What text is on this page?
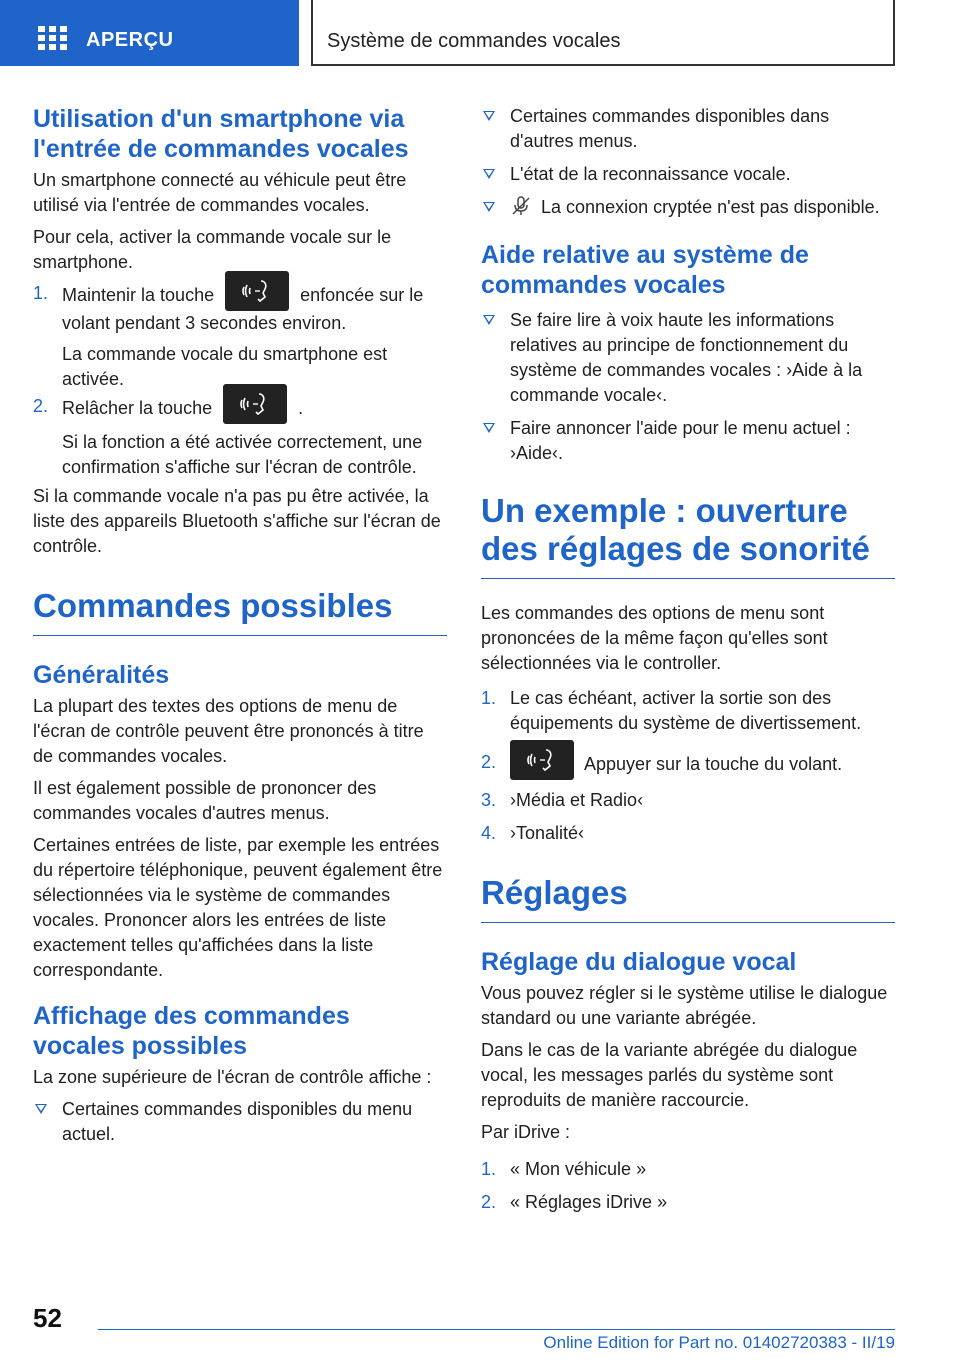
APERÇU	Système de commandes vocales
Utilisation d'un smartphone via l'entrée de commandes vocales

Un smartphone connecté au véhicule peut être utilisé via l'entrée de commandes vocales.

Pour cela, activer la commande vocale sur le smartphone.

1. Maintenir la touche	enfoncée sur le volant pendant 3 secondes environ.

La commande vocale du smartphone est activée.

2. Relâcher la touche	.

Si la fonction a été activée correctement, une confirmation s'affiche sur l'écran de contrôle.

Si la commande vocale n'a pas pu être activée, la liste des appareils Bluetooth s'affiche sur l'écran de contrôle.

Commandes possibles
Généralités

La plupart des textes des options de menu de l'écran de contrôle peuvent être prononcés à titre de commandes vocales.

Il est également possible de prononcer des commandes vocales d'autres menus.

Certaines entrées de liste, par exemple les entrées du répertoire téléphonique, peuvent également être sélectionnées via le système de commandes vocales. Prononcer alors les entrées de liste exactement telles qu'affichées dans la liste correspondante.

Affichage des commandes vocales possibles

La zone supérieure de l'écran de contrôle affiche :

Certaines commandes disponibles du menu actuel.

Certaines commandes disponibles dans d'autres menus.

L'état de la reconnaissance vocale.

La connexion cryptée n'est pas disponible.

Aide relative au système de commandes vocales

Se faire lire à voix haute les informations relatives au principe de fonctionnement du système de commandes vocales : ›Aide à la commande vocale‹.

Faire annoncer l'aide pour le menu actuel : ›Aide‹.

Un exemple : ouverture des réglages de sonorité

Les commandes des options de menu sont prononcées de la même façon qu'elles sont sélectionnées via le controller.

1. Le cas échéant, activer la sortie son des équipements du système de divertissement.

2.	Appuyer sur la touche du volant.

3. ›Média et Radio‹

4. ›Tonalité‹

Réglages
Réglage du dialogue vocal

Vous pouvez régler si le système utilise le dialogue standard ou une variante abrégée.

Dans le cas de la variante abrégée du dialogue vocal, les messages parlés du système sont reproduits de manière raccourcie.

Par iDrive :

1. « Mon véhicule »

2. « Réglages iDrive »

52
Online Edition for Part no. 01402720383 - II/19
